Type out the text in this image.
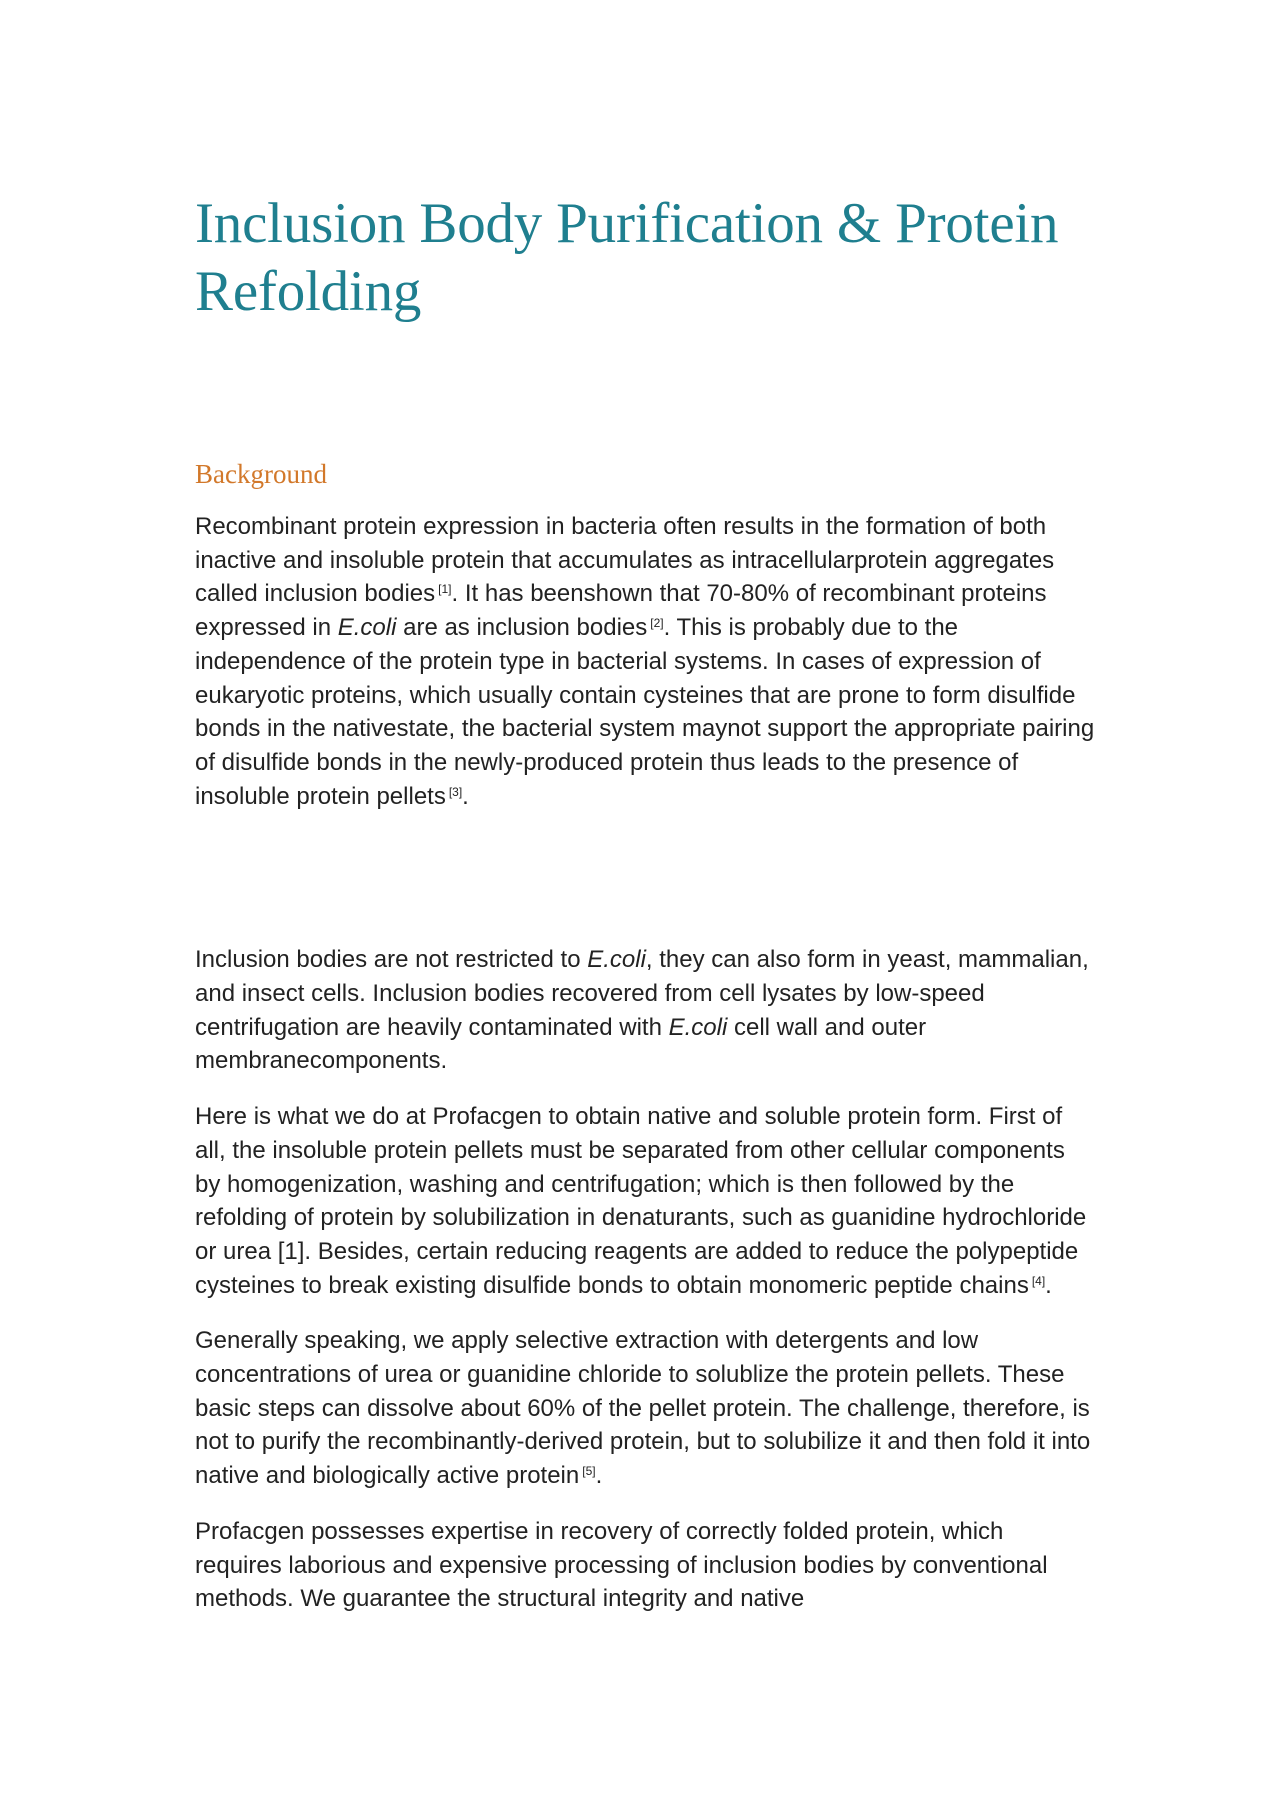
Inclusion Body Purification & Protein Refolding
Background

Recombinant protein expression in bacteria often results in the formation of both inactive and insoluble protein that accumulates as intracellularprotein aggregates called inclusion bodies [1]. It has beenshown that 70-80% of recombinant proteins expressed in E.coli are as inclusion bodies [2]. This is probably due to the independence of the protein type in bacterial systems. In cases of expression of eukaryotic proteins, which usually contain cysteines that are prone to form disulfide bonds in the nativestate, the bacterial system maynot support the appropriate pairing of disulfide bonds in the newly-produced protein thus leads to the presence of insoluble protein pellets [3].

Inclusion bodies are not restricted to E.coli, they can also form in yeast, mammalian, and insect cells. Inclusion bodies recovered from cell lysates by low-speed centrifugation are heavily contaminated with E.coli cell wall and outer membranecomponents.

Here is what we do at Profacgen to obtain native and soluble protein form. First of all, the insoluble protein pellets must be separated from other cellular components by homogenization, washing and centrifugation; which is then followed by the refolding of protein by solubilization in denaturants, such as guanidine hydrochloride or urea [1]. Besides, certain reducing reagents are added to reduce the polypeptide cysteines to break existing disulfide bonds to obtain monomeric peptide chains [4].

Generally speaking, we apply selective extraction with detergents and low concentrations of urea or guanidine chloride to solublize the protein pellets. These basic steps can dissolve about 60% of the pellet protein. The challenge, therefore, is not to purify the recombinantly-derived protein, but to solubilize it and then fold it into native and biologically active protein [5].

Profacgen possesses expertise in recovery of correctly folded protein, which requires laborious and expensive processing of inclusion bodies by conventional methods. We guarantee the structural integrity and native
